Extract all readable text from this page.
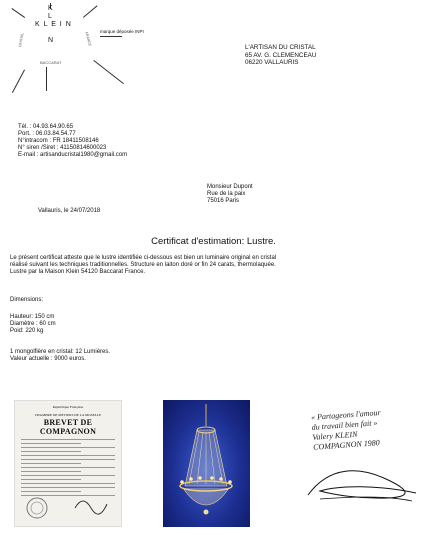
K
L
K L E I N
N
CRISTAL	FRANCE
BACCARAT
marque déposée INPI
L'ARTISAN DU CRISTAL
65 AV. G. CLEMENCEAU
06220 VALLAURIS
Tél. : 04.93.64.90.65
Port. : 06.03.84.54.77
N°intracom : FR 18411508146
N° siren /Siret : 41150814600023
E-mail : artisanducristal1980@gmail.com
Monsieur Dupont
Rue de la paix
75016 Paris
Vallauris, le 24/07/2018
Certificat d'estimation: Lustre.
Le présent certificat atteste que le lustre identifiée ci-dessous est bien un luminaire original en cristal
réalisé suivant les techniques traditionnelles. Structure en laiton doré or fin 24 carats, thermolaquée.
Lustre par la Maison Klein 54120 Baccarat France.
Dimensions:
Hauteur: 150 cm
Diamètre : 60 cm
Poid: 220 kg
1 mongolfière en cristal: 12 Lumières.
Valeur actuelle : 9000 euros.
République Française
CHAMBRE DE METIERS DE LA MOSELLE
BREVET DE COMPAGNON
« Partageons l'amour
du travail bien fait »
Valery KLEIN
COMPAGNON 1980
